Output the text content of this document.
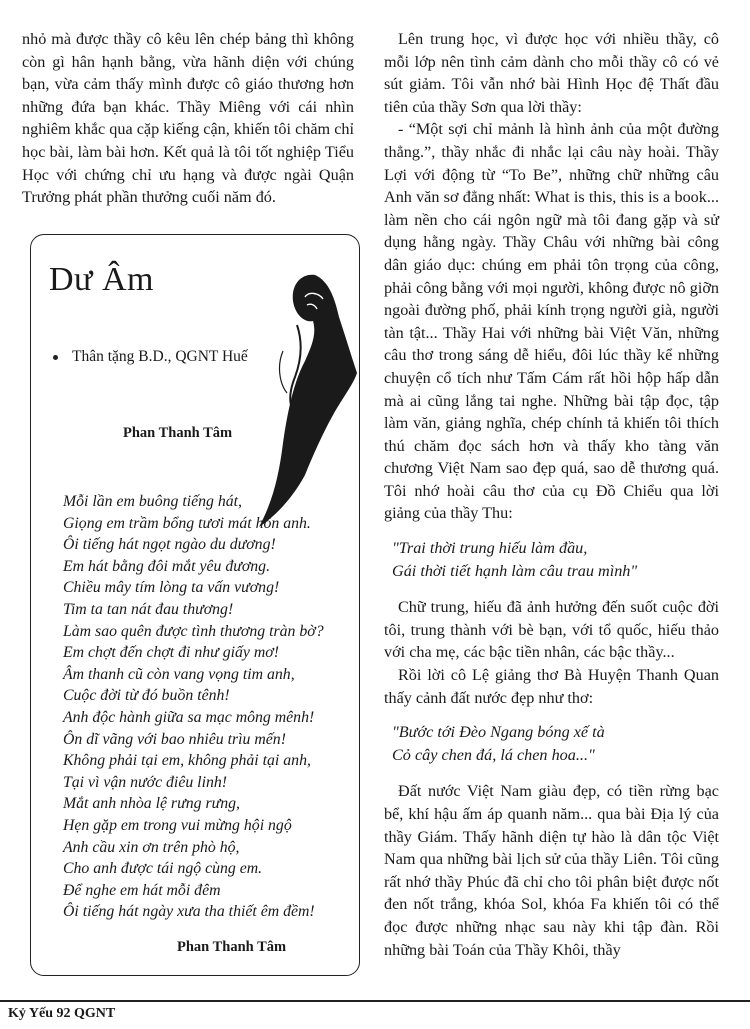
nhỏ mà được thầy cô kêu lên chép bảng thì không còn gì hân hạnh bằng, vừa hãnh diện với chúng bạn, vừa cảm thấy mình được cô giáo thương hơn những đứa bạn khác. Thầy Miêng với cái nhìn nghiêm khắc qua cặp kiếng cận, khiến tôi chăm chỉ học bài, làm bài hơn. Kết quả là tôi tốt nghiệp Tiểu Học với chứng chỉ ưu hạng và được ngài Quận Trưởng phát phần thưởng cuối năm đó.

Dư Âm
Thân tặng B.D., QGNT Huế
Phan Thanh Tâm
Mỗi lần em buông tiếng hát,
Giọng em trầm bổng tươi mát hồn anh.
Ôi tiếng hát ngọt ngào du dương!
Em hát bằng đôi mắt yêu đương.
Chiều mây tím lòng ta vấn vương!
Tim ta tan nát đau thương!
Làm sao quên được tình thương tràn bờ?
Em chợt đến chợt đi như giấy mơ!
Âm thanh cũ còn vang vọng tim anh,
Cuộc đời từ đó buồn tênh!
Anh độc hành giữa sa mạc mông mênh!
Ôn dĩ vãng với bao nhiêu trìu mến!
Không phải tại em, không phải tại anh,
Tại vì vận nước điêu linh!
Mắt anh nhòa lệ rưng rưng,
Hẹn gặp em trong vui mừng hội ngộ
Anh cầu xin ơn trên phò hộ,
Cho anh được tái ngộ cùng em.
Để nghe em hát mỗi đêm
Ôi tiếng hát ngày xưa tha thiết êm đềm!
Phan Thanh Tâm

Lên trung học, vì được học với nhiều thầy, cô mỗi lớp nên tình cảm dành cho mỗi thầy cô có vẻ sút giảm. Tôi vẫn nhớ bài Hình Học đệ Thất đầu tiên của thầy Sơn qua lời thầy:

- “Một sợi chỉ mảnh là hình ảnh của một đường thẳng.”, thầy nhắc đi nhắc lại câu này hoài. Thầy Lợi với động từ “To Be”, những chữ những câu Anh văn sơ đẳng nhất: What is this, this is a book... làm nền cho cái ngôn ngữ mà tôi đang gặp và sử dụng hằng ngày. Thầy Châu với những bài công dân giáo dục: chúng em phải tôn trọng của công, phải công bằng với mọi người, không được nô giỡn ngoài đường phố, phải kính trọng người già, người tàn tật... Thầy Hai với những bài Việt Văn, những câu thơ trong sáng dễ hiểu, đôi lúc thầy kể những chuyện cổ tích như Tấm Cám rất hồi hộp hấp dẫn mà ai cũng lắng tai nghe. Những bài tập đọc, tập làm văn, giảng nghĩa, chép chính tả khiến tôi thích thú chăm đọc sách hơn và thấy kho tàng văn chương Việt Nam sao đẹp quá, sao dễ thương quá. Tôi nhớ hoài câu thơ của cụ Đồ Chiểu qua lời giảng của thầy Thu:

"Trai thời trung hiếu làm đầu,
Gái thời tiết hạnh làm câu trau mình"

Chữ trung, hiếu đã ảnh hưởng đến suốt cuộc đời tôi, trung thành với bè bạn, với tổ quốc, hiếu thảo với cha mẹ, các bậc tiền nhân, các bậc thầy...

Rồi lời cô Lệ giảng thơ Bà Huyện Thanh Quan thấy cảnh đất nước đẹp như thơ:

"Bước tới Đèo Ngang bóng xế tà
Cỏ cây chen đá, lá chen hoa..."

Đất nước Việt Nam giàu đẹp, có tiền rừng bạc bể, khí hậu ấm áp quanh năm... qua bài Địa lý của thầy Giám. Thấy hãnh diện tự hào là dân tộc Việt Nam qua những bài lịch sử của thầy Liên. Tôi cũng rất nhớ thầy Phúc đã chỉ cho tôi phân biệt được nốt đen nốt trắng, khóa Sol, khóa Fa khiến tôi có thể đọc được những nhạc sau này khi tập đàn. Rồi những bài Toán của Thầy Khôi, thầy

Kỷ Yếu 92 QGNT
